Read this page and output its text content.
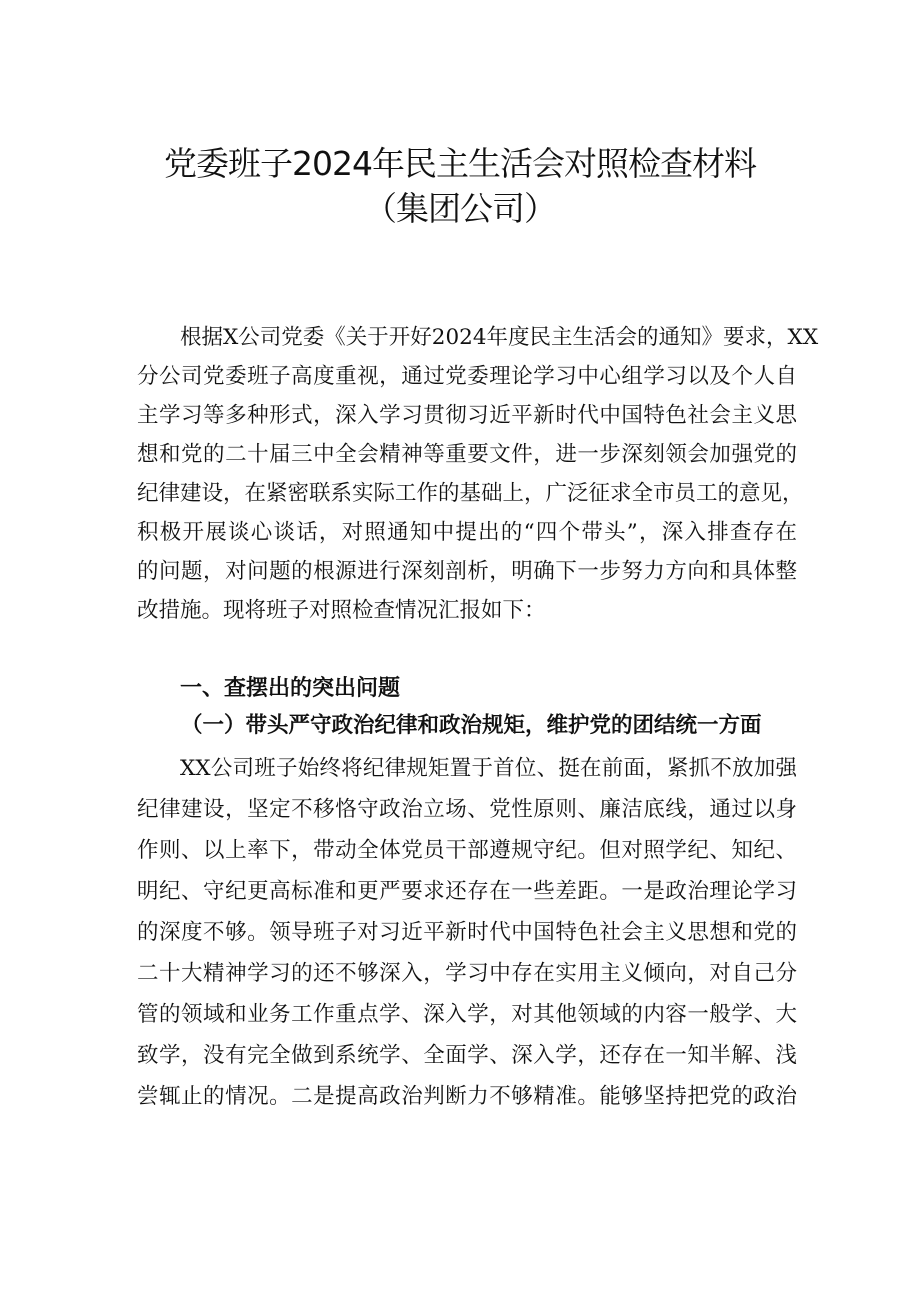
党委班子2024年民主生活会对照检查材料
（集团公司）

根据X公司党委《关于开好2024年度民主生活会的通知》要求，XX

分公司党委班子高度重视，通过党委理论学习中心组学习以及个人自

主学习等多种形式，深入学习贯彻习近平新时代中国特色社会主义思

想和党的二十届三中全会精神等重要文件，进一步深刻领会加强党的

纪律建设，在紧密联系实际工作的基础上，广泛征求全市员工的意见，

积极开展谈心谈话，对照通知中提出的“四个带头”，深入排查存在

的问题，对问题的根源进行深刻剖析，明确下一步努力方向和具体整

改措施。现将班子对照检查情况汇报如下：

一、查摆出的突出问题
（一）带头严守政治纪律和政治规矩，维护党的团结统一方面

XX公司班子始终将纪律规矩置于首位、挺在前面，紧抓不放加强

纪律建设，坚定不移恪守政治立场、党性原则、廉洁底线，通过以身

作则、以上率下，带动全体党员干部遵规守纪。但对照学纪、知纪、

明纪、守纪更高标准和更严要求还存在一些差距。一是政治理论学习

的深度不够。领导班子对习近平新时代中国特色社会主义思想和党的

二十大精神学习的还不够深入，学习中存在实用主义倾向，对自己分

管的领域和业务工作重点学、深入学，对其他领域的内容一般学、大

致学，没有完全做到系统学、全面学、深入学，还存在一知半解、浅

尝辄止的情况。二是提高政治判断力不够精准。能够坚持把党的政治
